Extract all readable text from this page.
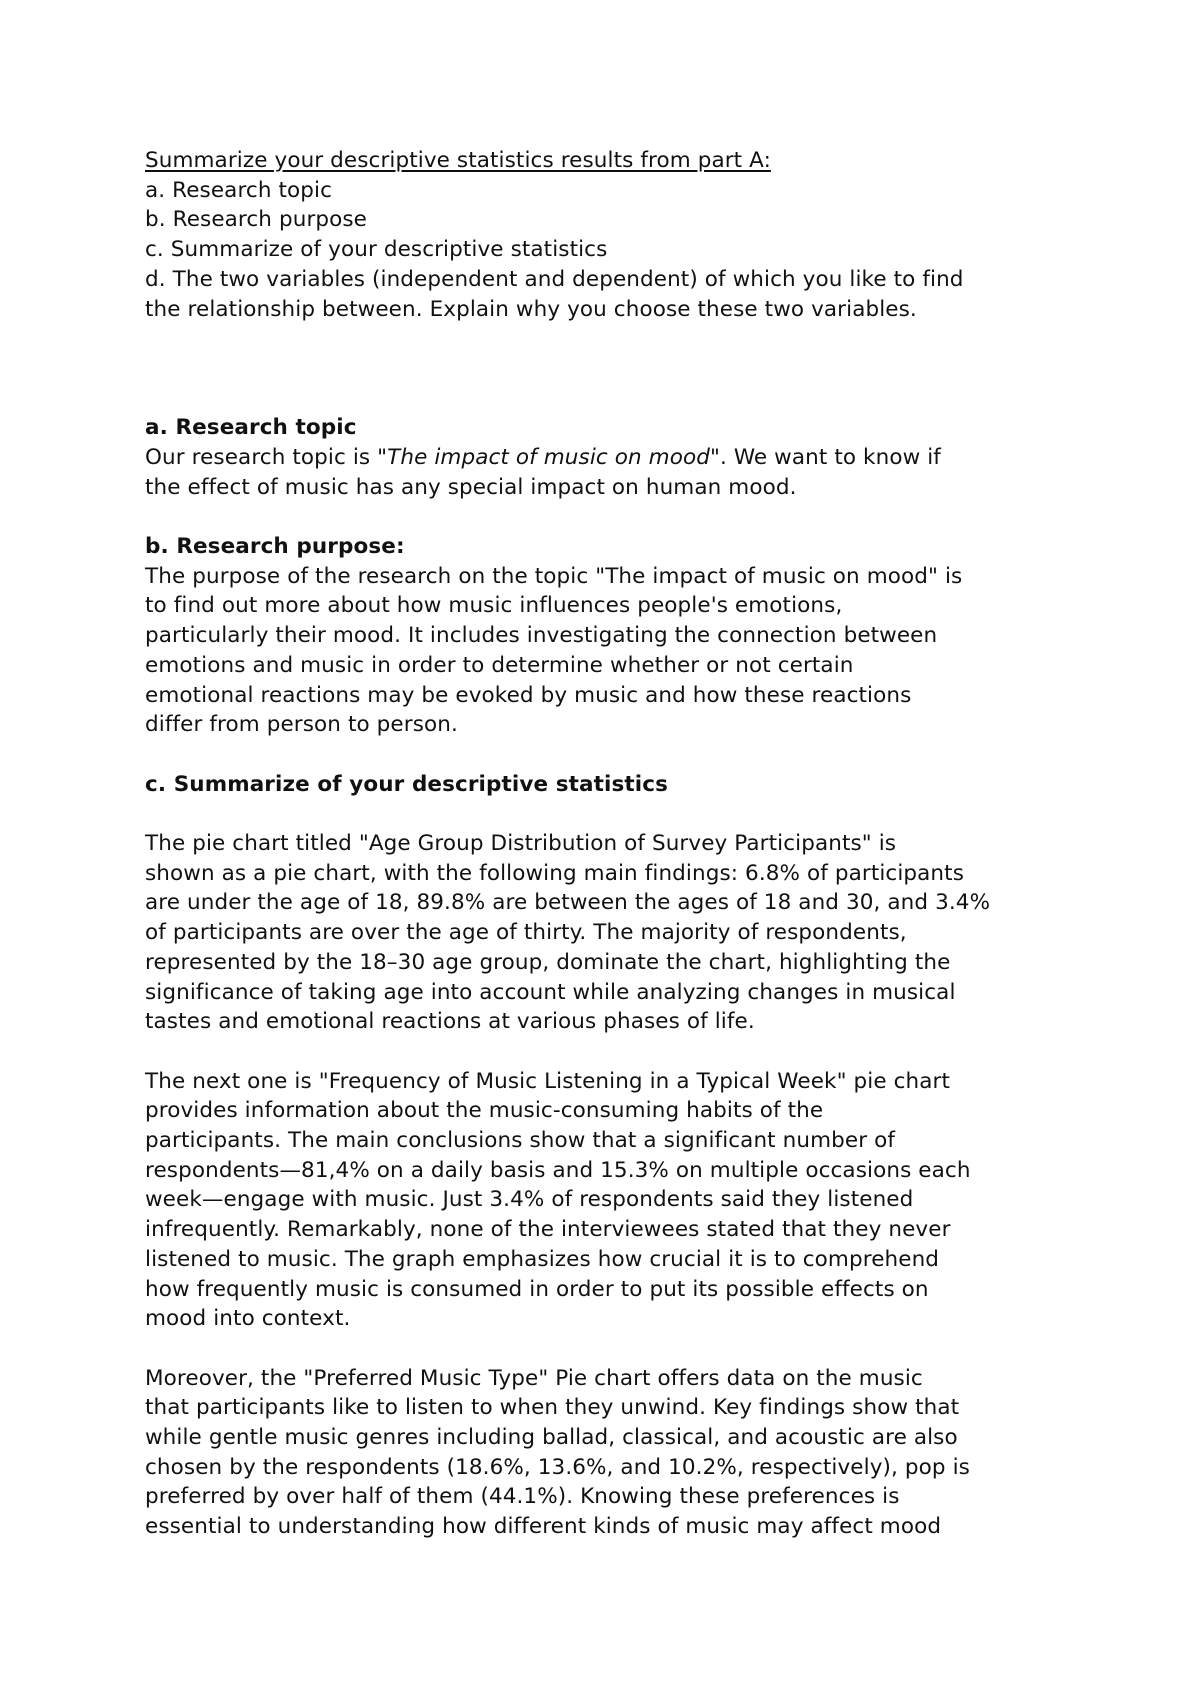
Summarize your descriptive statistics results from part A:
a. Research topic
b. Research purpose
c. Summarize of your descriptive statistics
d. The two variables (independent and dependent) of which you like to find
the relationship between. Explain why you choose these two variables.
a. Research topic
Our research topic is "The impact of music on mood". We want to know if
the effect of music has any special impact on human mood.
b. Research purpose:
The purpose of the research on the topic "The impact of music on mood" is
to find out more about how music influences people's emotions,
particularly their mood. It includes investigating the connection between
emotions and music in order to determine whether or not certain
emotional reactions may be evoked by music and how these reactions
differ from person to person.
c. Summarize of your descriptive statistics
The pie chart titled "Age Group Distribution of Survey Participants" is
shown as a pie chart, with the following main findings: 6.8% of participants
are under the age of 18, 89.8% are between the ages of 18 and 30, and 3.4%
of participants are over the age of thirty. The majority of respondents,
represented by the 18–30 age group, dominate the chart, highlighting the
significance of taking age into account while analyzing changes in musical
tastes and emotional reactions at various phases of life.
The next one is "Frequency of Music Listening in a Typical Week" pie chart
provides information about the music-consuming habits of the
participants. The main conclusions show that a significant number of
respondents—81,4% on a daily basis and 15.3% on multiple occasions each
week—engage with music. Just 3.4% of respondents said they listened
infrequently. Remarkably, none of the interviewees stated that they never
listened to music. The graph emphasizes how crucial it is to comprehend
how frequently music is consumed in order to put its possible effects on
mood into context.
Moreover, the "Preferred Music Type" Pie chart offers data on the music
that participants like to listen to when they unwind. Key findings show that
while gentle music genres including ballad, classical, and acoustic are also
chosen by the respondents (18.6%, 13.6%, and 10.2%, respectively), pop is
preferred by over half of them (44.1%). Knowing these preferences is
essential to understanding how different kinds of music may affect mood
